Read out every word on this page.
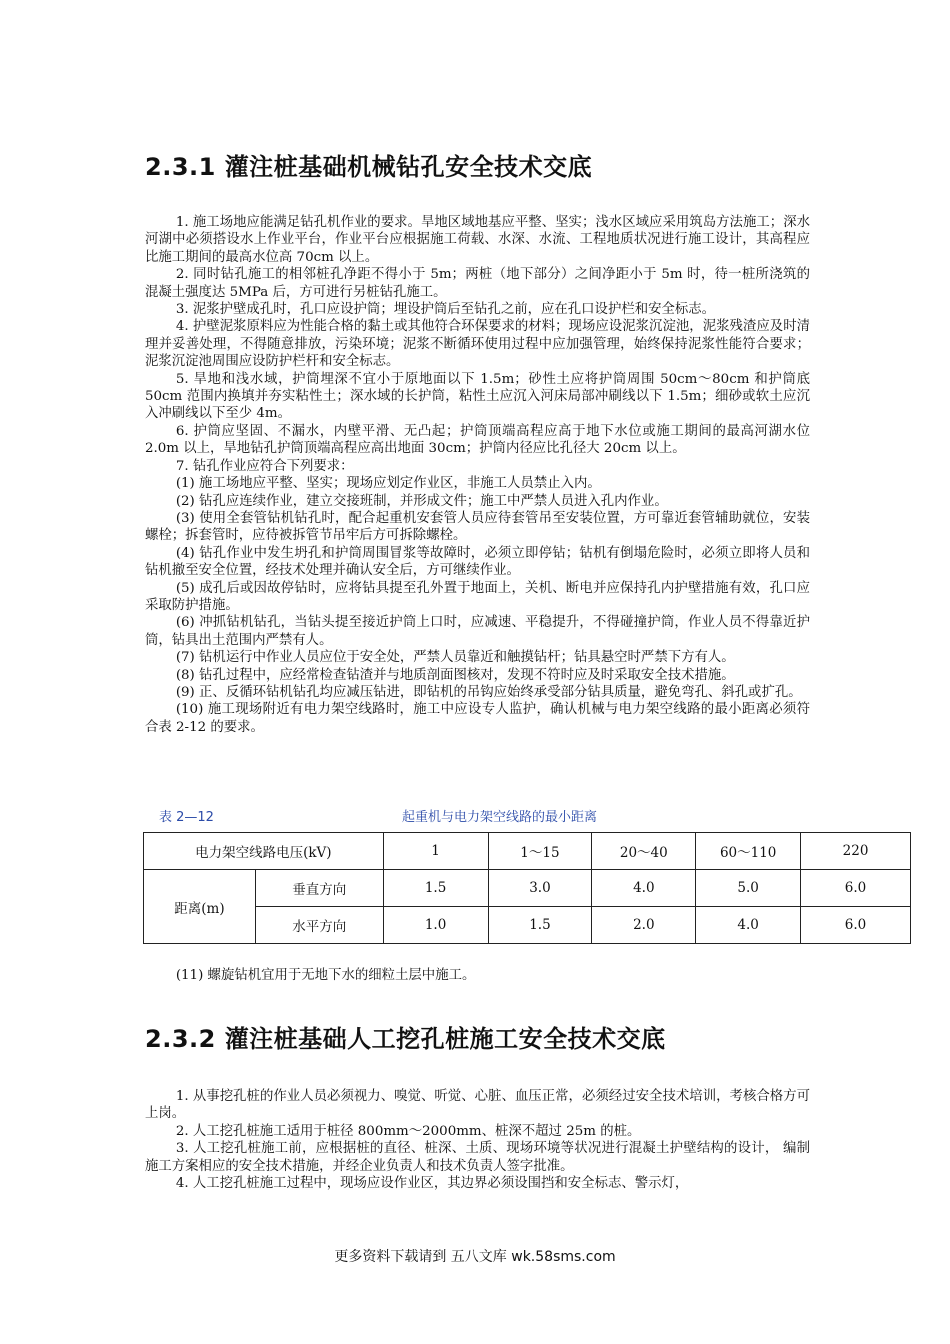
2.3.1 灌注桩基础机械钻孔安全技术交底

1. 施工场地应能满足钻孔机作业的要求。旱地区域地基应平整、坚实；浅水区域应采用筑岛方法施工；深水河湖中必须搭设水上作业平台，作业平台应根据施工荷载、水深、水流、工程地质状况进行施工设计，其高程应比施工期间的最高水位高 70cm 以上。

2. 同时钻孔施工的相邻桩孔净距不得小于 5m；两桩（地下部分）之间净距小于 5m 时，待一桩所浇筑的混凝土强度达 5MPa 后，方可进行另桩钻孔施工。

3. 泥浆护壁成孔时，孔口应设护筒；埋设护筒后至钻孔之前，应在孔口设护栏和安全标志。

4. 护壁泥浆原料应为性能合格的黏土或其他符合环保要求的材料；现场应设泥浆沉淀池，泥浆残渣应及时清理并妥善处理，不得随意排放，污染环境；泥浆不断循环使用过程中应加强管理，始终保持泥浆性能符合要求；泥浆沉淀池周围应设防护栏杆和安全标志。

5. 旱地和浅水域，护筒埋深不宜小于原地面以下 1.5m；砂性土应将护筒周围 50cm～80cm 和护筒底 50cm 范围内换填并夯实粘性土；深水域的长护筒，粘性土应沉入河床局部冲刷线以下 1.5m；细砂或软土应沉入冲刷线以下至少 4m。

6. 护筒应坚固、不漏水，内壁平滑、无凸起；护筒顶端高程应高于地下水位或施工期间的最高河湖水位 2.0m 以上，旱地钻孔护筒顶端高程应高出地面 30cm；护筒内径应比孔径大 20cm 以上。

7. 钻孔作业应符合下列要求：

(1) 施工场地应平整、坚实；现场应划定作业区，非施工人员禁止入内。

(2) 钻孔应连续作业，建立交接班制，并形成文件；施工中严禁人员进入孔内作业。

(3) 使用全套管钻机钻孔时，配合起重机安套管人员应待套管吊至安装位置，方可靠近套管辅助就位，安装螺栓；拆套管时，应待被拆管节吊牢后方可拆除螺栓。

(4) 钻孔作业中发生坍孔和护筒周围冒浆等故障时，必须立即停钻；钻机有倒塌危险时，必须立即将人员和钻机撤至安全位置，经技术处理并确认安全后，方可继续作业。

(5) 成孔后或因故停钻时，应将钻具提至孔外置于地面上，关机、断电并应保持孔内护壁措施有效，孔口应采取防护措施。

(6) 冲抓钻机钻孔，当钻头提至接近护筒上口时，应减速、平稳提升，不得碰撞护筒，作业人员不得靠近护筒，钻具出土范围内严禁有人。

(7) 钻机运行中作业人员应位于安全处，严禁人员靠近和触摸钻杆；钻具悬空时严禁下方有人。

(8) 钻孔过程中，应经常检查钻渣并与地质剖面图核对，发现不符时应及时采取安全技术措施。

(9) 正、反循环钻机钻孔均应减压钻进，即钻机的吊钩应始终承受部分钻具质量，避免弯孔、斜孔或扩孔。

(10) 施工现场附近有电力架空线路时，施工中应设专人监护，确认机械与电力架空线路的最小距离必须符合表 2-12 的要求。

表 2—12	起重机与电力架空线路的最小距离
电力架空线路电压(kV)		1	1～15	20～40	60～110	220
距离(m)	垂直方向	1.5	3.0	4.0	5.0	6.0
	水平方向	1.0	1.5	2.0	4.0	6.0

(11) 螺旋钻机宜用于无地下水的细粒土层中施工。

2.3.2 灌注桩基础人工挖孔桩施工安全技术交底

1. 从事挖孔桩的作业人员必须视力、嗅觉、听觉、心脏、血压正常，必须经过安全技术培训，考核合格方可上岗。

2. 人工挖孔桩施工适用于桩径 800mm～2000mm、桩深不超过 25m 的桩。

3. 人工挖孔桩施工前，应根据桩的直径、桩深、土质、现场环境等状况进行混凝土护壁结构的设计， 编制施工方案相应的安全技术措施，并经企业负责人和技术负责人签字批准。

4. 人工挖孔桩施工过程中，现场应设作业区，其边界必须设围挡和安全标志、警示灯，

更多资料下载请到 五八文库 wk.58sms.com
